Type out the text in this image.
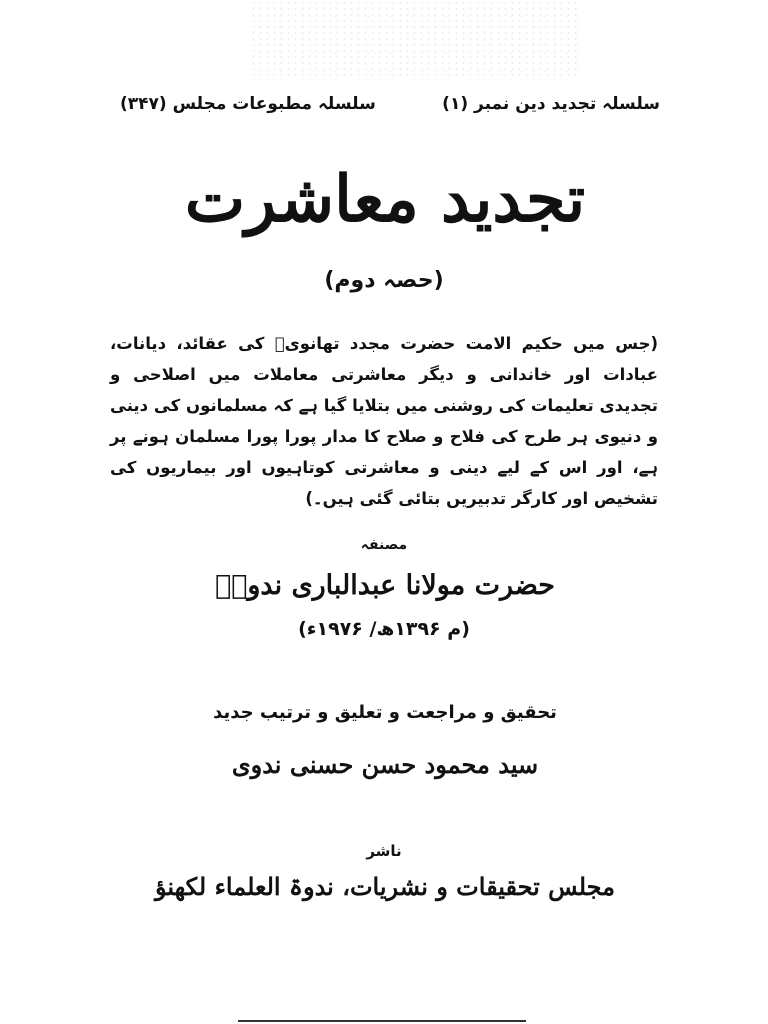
سلسلہ تجدید دین نمبر (۱)
سلسلہ مطبوعات مجلس (۳۴۷)
تجدید معاشرت
(حصہ دوم)
(جس میں حکیم الامت حضرت مجدد تھانویؒ کی عقائد، دیانات، عبادات اور خاندانی و دیگر معاشرتی معاملات میں اصلاحی و تجدیدی تعلیمات کی روشنی میں بتلایا گیا ہے کہ مسلمانوں کی دینی و دنیوی ہر طرح کی فلاح و صلاح کا مدار پورا پورا مسلمان ہونے پر ہے، اور اس کے لیے دینی و معاشرتی کوتاہیوں اور بیماریوں کی تشخیص اور کارگر تدبیریں بتائی گئی ہیں۔)
مصنفہ
حضرت مولانا عبدالباری ندویؒ
(م ۱۳۹۶ھ/ ۱۹۷۶ء)
تحقیق و مراجعت و تعلیق و ترتیب جدید
سید محمود حسن حسنی ندوی
ناشر
مجلس تحقیقات و نشریات، ندوۃ العلماء لکھنؤ
